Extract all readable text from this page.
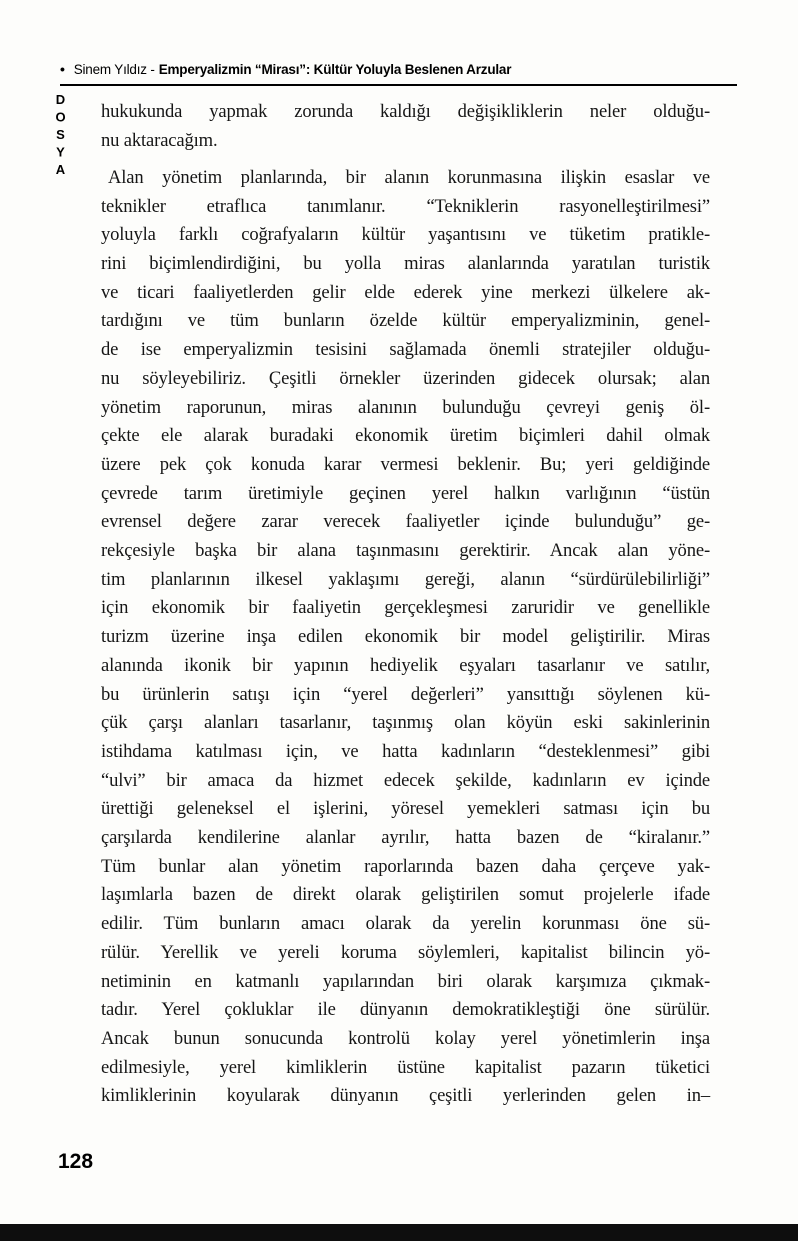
• Sinem Yıldız - Emperyalizmin “Mirası”: Kültür Yoluyla Beslenen Arzular
DOSYA hukukunda yapmak zorunda kaldığı değişikliklerin neler olduğu-
nu aktaracağım.
Alan yönetim planlarında, bir alanın korunmasına ilişkin esaslar ve
teknikler etraflıca tanımlanır. “Tekniklerin rasyonelleştirilmesi”
yoluyla farklı coğrafyaların kültür yaşantısını ve tüketim pratikle-
rini biçimlendirdiğini, bu yolla miras alanlarında yaratılan turistik
ve ticari faaliyetlerden gelir elde ederek yine merkezi ülkelere ak-
tardığını ve tüm bunların özelde kültür emperyalizminin, genel-
de ise emperyalizmin tesisini sağlamada önemli stratejiler olduğu-
nu söyleyebiliriz. Çeşitli örnekler üzerinden gidecek olursak; alan
yönetim raporunun, miras alanının bulunduğu çevreyi geniş öl-
çekte ele alarak buradaki ekonomik üretim biçimleri dahil olmak
üzere pek çok konuda karar vermesi beklenir. Bu; yeri geldiğinde
çevrede tarım üretimiyle geçinen yerel halkın varlığının “üstün
evrensel değere zarar verecek faaliyetler içinde bulunduğu” ge-
rekçesiyle başka bir alana taşınmasını gerektirir. Ancak alan yöne-
tim planlarının ilkesel yaklaşımı gereği, alanın “sürdürülebilirliği”
için ekonomik bir faaliyetin gerçekleşmesi zaruridir ve genellikle
turizm üzerine inşa edilen ekonomik bir model geliştirilir. Miras
alanında ikonik bir yapının hediyelik eşyaları tasarlanır ve satılır,
bu ürünlerin satışı için “yerel değerleri” yansıttığı söylenen kü-
çük çarşı alanları tasarlanır, taşınmış olan köyün eski sakinlerinin
istihdama katılması için, ve hatta kadınların “desteklenmesi” gibi
“ulvi” bir amaca da hizmet edecek şekilde, kadınların ev içinde
ürettiği geleneksel el işlerini, yöresel yemekleri satması için bu
çarşılarda kendilerine alanlar ayrılır, hatta bazen de “kiralanır.”
Tüm bunlar alan yönetim raporlarında bazen daha çerçeve yak-
laşımlarla bazen de direkt olarak geliştirilen somut projelerle ifade
edilir. Tüm bunların amacı olarak da yerelin korunması öne sü-
rülür. Yerellik ve yereli koruma söylemleri, kapitalist bilincin yö-
netiminin en katmanlı yapılarından biri olarak karşımıza çıkmak-
tadır. Yerel çokluklar ile dünyanın demokratikleştiği öne sürülür.
Ancak bunun sonucunda kontrolü kolay yerel yönetimlerin inşa
edilmesiyle, yerel kimliklerin üstüne kapitalist pazarın tüketici
kimliklerinin koyularak dünyanın çeşitli yerlerinden gelen in–
128
